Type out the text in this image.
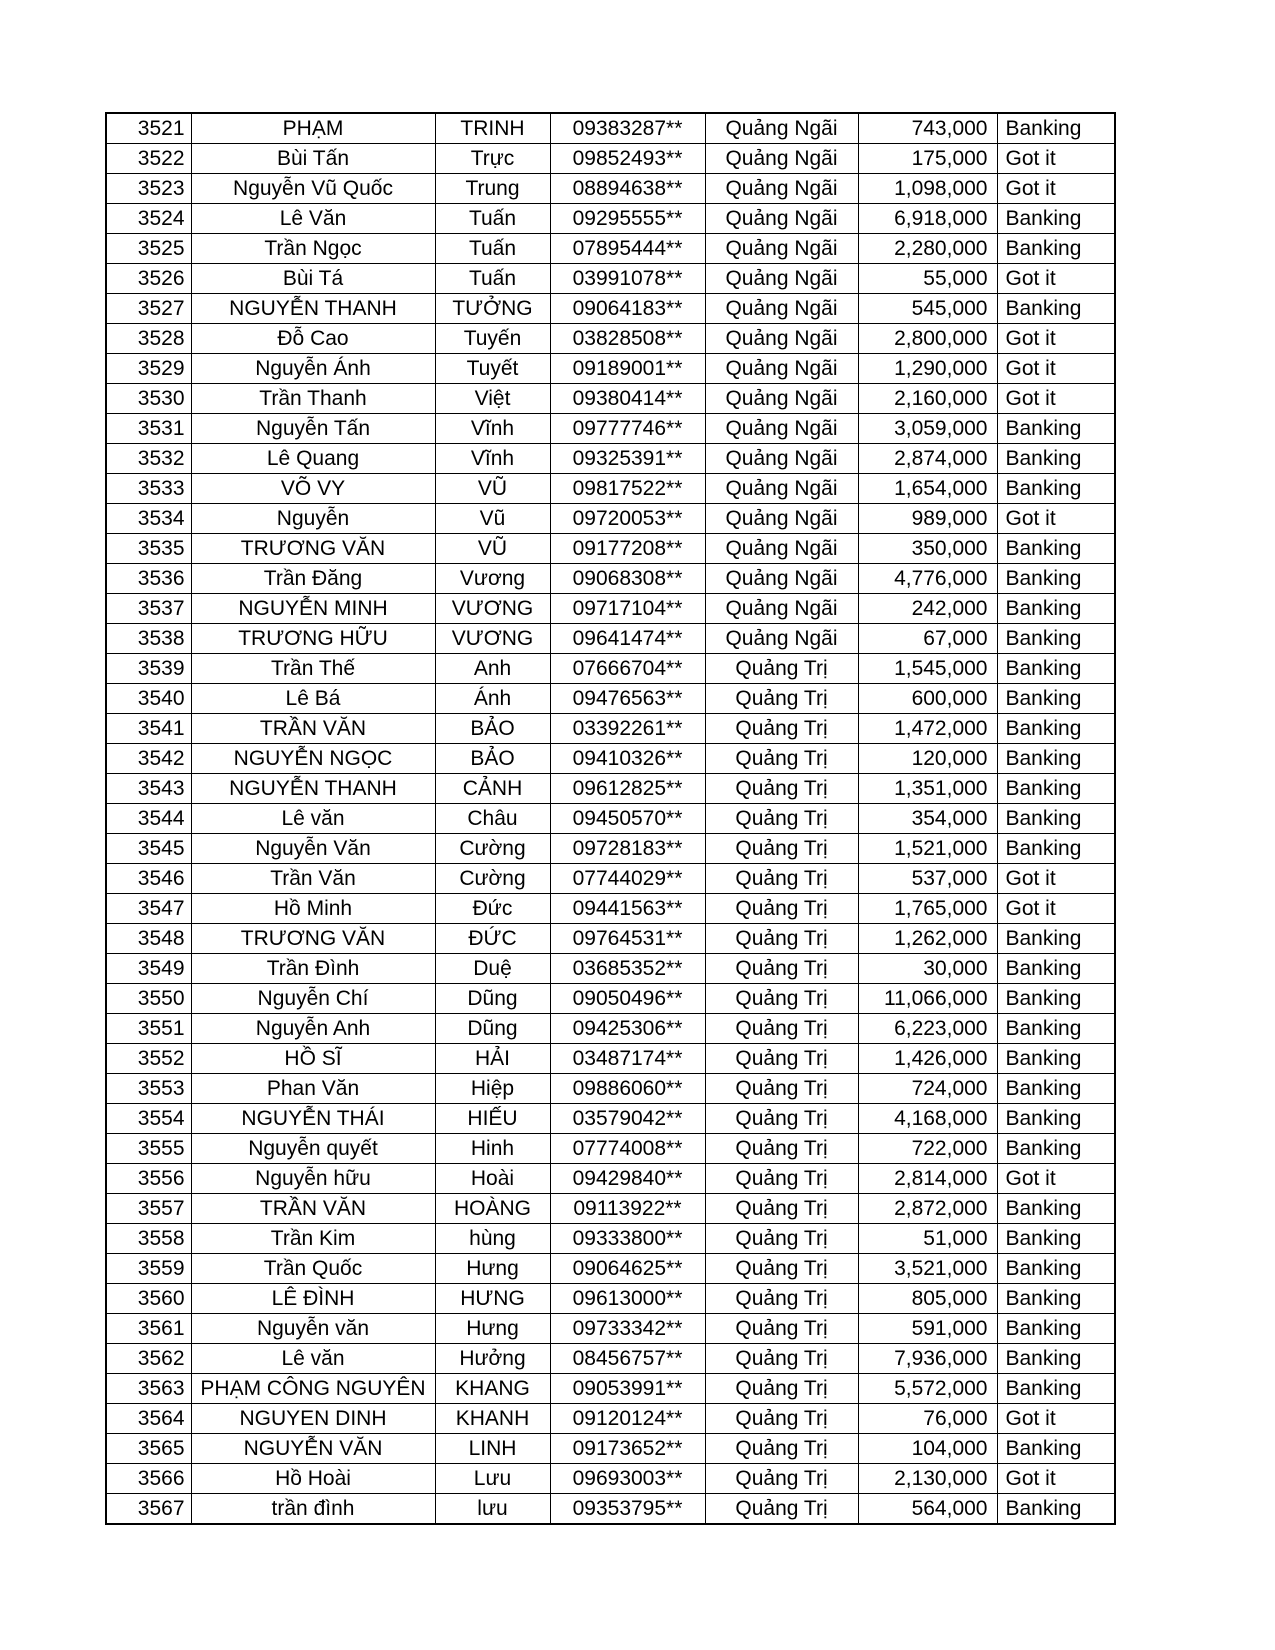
3521	PHẠM	TRINH	09383287**	Quảng Ngãi	743,000	Banking
3522	Bùi Tấn	Trực	09852493**	Quảng Ngãi	175,000	Got it
3523	Nguyễn Vũ Quốc	Trung	08894638**	Quảng Ngãi	1,098,000	Got it
3524	Lê Văn	Tuấn	09295555**	Quảng Ngãi	6,918,000	Banking
3525	Trần Ngọc	Tuấn	07895444**	Quảng Ngãi	2,280,000	Banking
3526	Bùi Tá	Tuấn	03991078**	Quảng Ngãi	55,000	Got it
3527	NGUYỄN THANH	TƯỞNG	09064183**	Quảng Ngãi	545,000	Banking
3528	Đỗ Cao	Tuyến	03828508**	Quảng Ngãi	2,800,000	Got it
3529	Nguyễn Ánh	Tuyết	09189001**	Quảng Ngãi	1,290,000	Got it
3530	Trần Thanh	Việt	09380414**	Quảng Ngãi	2,160,000	Got it
3531	Nguyễn Tấn	Vĩnh	09777746**	Quảng Ngãi	3,059,000	Banking
3532	Lê Quang	Vĩnh	09325391**	Quảng Ngãi	2,874,000	Banking
3533	VÕ VY	VŨ	09817522**	Quảng Ngãi	1,654,000	Banking
3534	Nguyễn	Vũ	09720053**	Quảng Ngãi	989,000	Got it
3535	TRƯƠNG VĂN	VŨ	09177208**	Quảng Ngãi	350,000	Banking
3536	Trần Đăng	Vương	09068308**	Quảng Ngãi	4,776,000	Banking
3537	NGUYỄN MINH	VƯƠNG	09717104**	Quảng Ngãi	242,000	Banking
3538	TRƯƠNG HỮU	VƯƠNG	09641474**	Quảng Ngãi	67,000	Banking
3539	Trần Thế	Anh	07666704**	Quảng Trị	1,545,000	Banking
3540	Lê Bá	Ánh	09476563**	Quảng Trị	600,000	Banking
3541	TRẦN VĂN	BẢO	03392261**	Quảng Trị	1,472,000	Banking
3542	NGUYỄN NGỌC	BẢO	09410326**	Quảng Trị	120,000	Banking
3543	NGUYỄN THANH	CẢNH	09612825**	Quảng Trị	1,351,000	Banking
3544	Lê văn	Châu	09450570**	Quảng Trị	354,000	Banking
3545	Nguyễn Văn	Cường	09728183**	Quảng Trị	1,521,000	Banking
3546	Trần Văn	Cường	07744029**	Quảng Trị	537,000	Got it
3547	Hồ Minh	Đức	09441563**	Quảng Trị	1,765,000	Got it
3548	TRƯƠNG VĂN	ĐỨC	09764531**	Quảng Trị	1,262,000	Banking
3549	Trần Đình	Duệ	03685352**	Quảng Trị	30,000	Banking
3550	Nguyễn Chí	Dũng	09050496**	Quảng Trị	11,066,000	Banking
3551	Nguyễn Anh	Dũng	09425306**	Quảng Trị	6,223,000	Banking
3552	HỒ SĨ	HẢI	03487174**	Quảng Trị	1,426,000	Banking
3553	Phan Văn	Hiệp	09886060**	Quảng Trị	724,000	Banking
3554	NGUYỄN THÁI	HIẾU	03579042**	Quảng Trị	4,168,000	Banking
3555	Nguyễn quyết	Hinh	07774008**	Quảng Trị	722,000	Banking
3556	Nguyễn hữu	Hoài	09429840**	Quảng Trị	2,814,000	Got it
3557	TRẦN VĂN	HOÀNG	09113922**	Quảng Trị	2,872,000	Banking
3558	Trần Kim	hùng	09333800**	Quảng Trị	51,000	Banking
3559	Trần Quốc	Hưng	09064625**	Quảng Trị	3,521,000	Banking
3560	LÊ ĐÌNH	HƯNG	09613000**	Quảng Trị	805,000	Banking
3561	Nguyễn văn	Hưng	09733342**	Quảng Trị	591,000	Banking
3562	Lê văn	Hưởng	08456757**	Quảng Trị	7,936,000	Banking
3563	PHẠM CÔNG NGUYÊN	KHANG	09053991**	Quảng Trị	5,572,000	Banking
3564	NGUYEN DINH	KHANH	09120124**	Quảng Trị	76,000	Got it
3565	NGUYỄN VĂN	LINH	09173652**	Quảng Trị	104,000	Banking
3566	Hồ Hoài	Lưu	09693003**	Quảng Trị	2,130,000	Got it
3567	trần đình	lưu	09353795**	Quảng Trị	564,000	Banking
